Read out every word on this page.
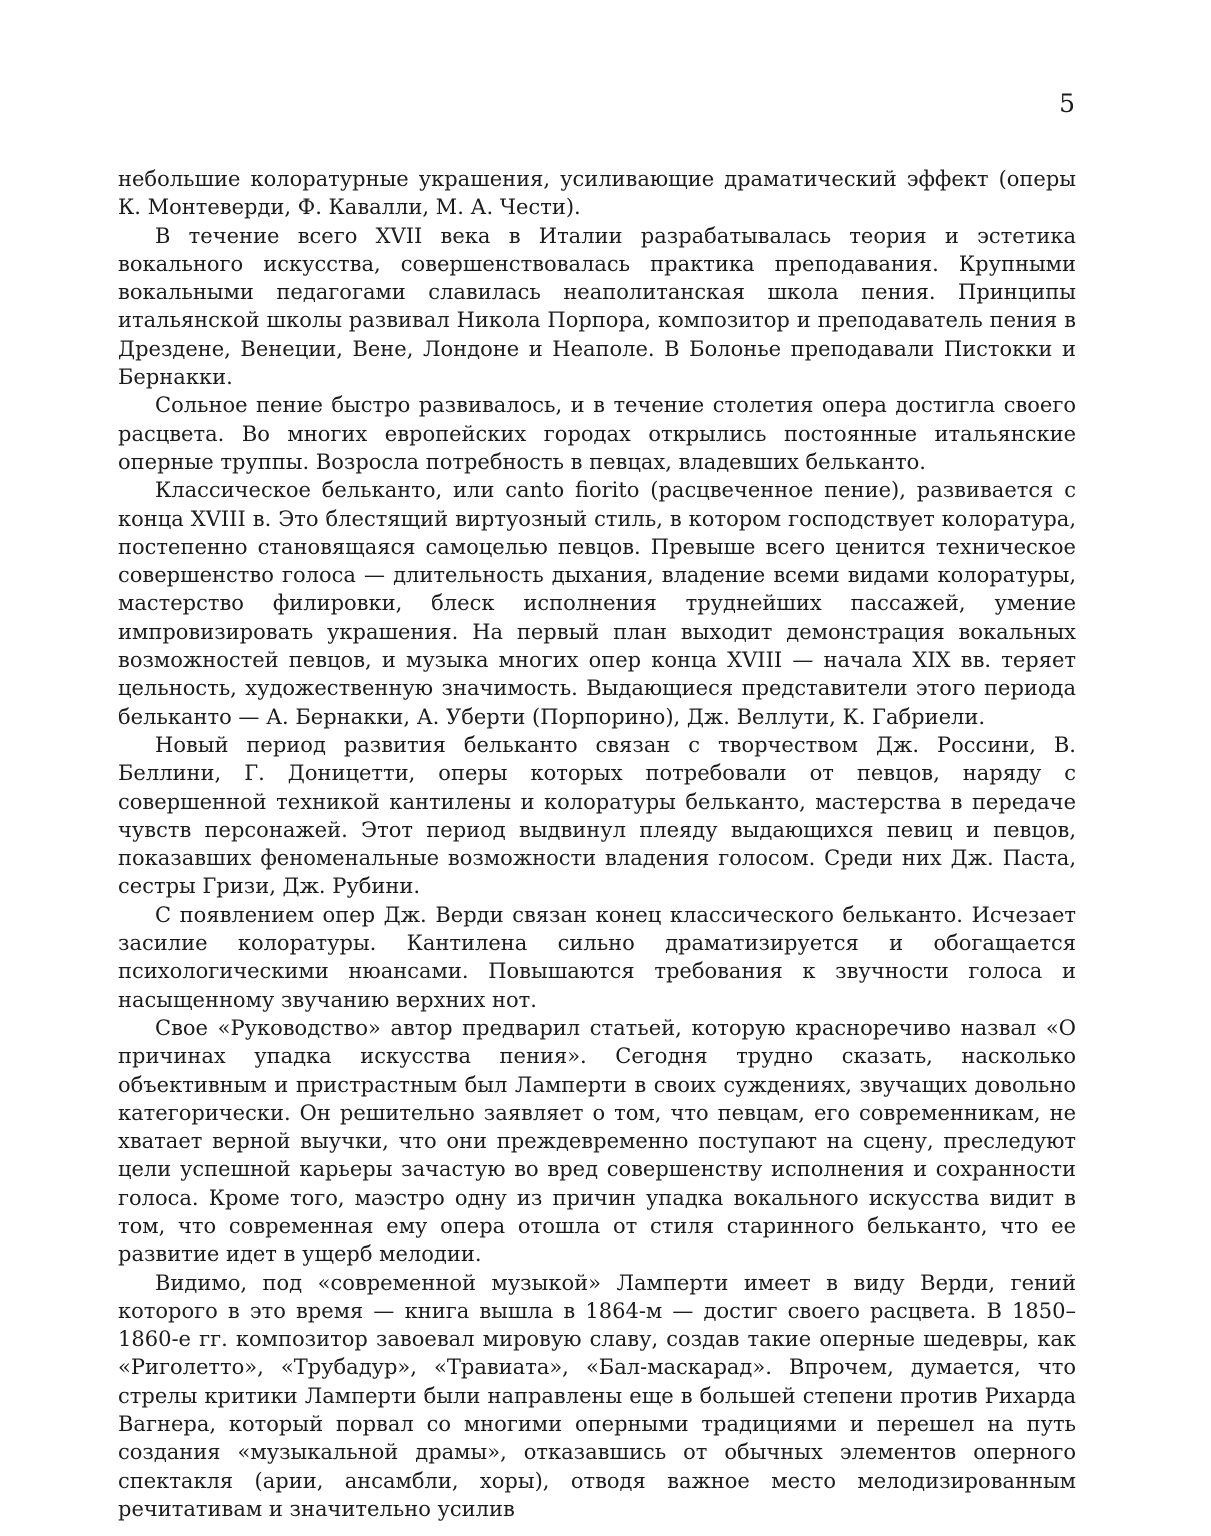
5

небольшие колоратурные украшения, усиливающие драматический эффект (оперы К. Монтеверди, Ф. Кавалли, М. А. Чести).

В течение всего XVII века в Италии разрабатывалась теория и эстетика вокального искусства, совершенствовалась практика преподавания. Крупными вокальными педагогами славилась неаполитанская школа пения. Принципы итальянской школы развивал Никола Порпора, композитор и преподаватель пения в Дрездене, Венеции, Вене, Лондоне и Неаполе. В Болонье преподавали Пистокки и Бернакки.

Сольное пение быстро развивалось, и в течение столетия опера достигла своего расцвета. Во многих европейских городах открылись постоянные итальянские оперные труппы. Возросла потребность в певцах, владевших бельканто.

Классическое бельканто, или canto fiorito (расцвеченное пение), развивается с конца XVIII в. Это блестящий виртуозный стиль, в котором господствует колоратура, постепенно становящаяся самоцелью певцов. Превыше всего ценится техническое совершенство голоса — длительность дыхания, владение всеми видами колоратуры, мастерство филировки, блеск исполнения труднейших пассажей, умение импровизировать украшения. На первый план выходит демонстрация вокальных возможностей певцов, и музыка многих опер конца XVIII — начала XIX вв. теряет цельность, художественную значимость. Выдающиеся представители этого периода бельканто — А. Бернакки, А. Уберти (Порпорино), Дж. Веллути, К. Габриели.

Новый период развития бельканто связан с творчеством Дж. Россини, В. Беллини, Г. Доницетти, оперы которых потребовали от певцов, наряду с совершенной техникой кантилены и колоратуры бельканто, мастерства в передаче чувств персонажей. Этот период выдвинул плеяду выдающихся певиц и певцов, показавших феноменальные возможности владения голосом. Среди них Дж. Паста, сестры Гризи, Дж. Рубини.

С появлением опер Дж. Верди связан конец классического бельканто. Исчезает засилие колоратуры. Кантилена сильно драматизируется и обогащается психологическими нюансами. Повышаются требования к звучности голоса и насыщенному звучанию верхних нот.

Свое «Руководство» автор предварил статьей, которую красноречиво назвал «О причинах упадка искусства пения». Сегодня трудно сказать, насколько объективным и пристрастным был Ламперти в своих суждениях, звучащих довольно категорически. Он решительно заявляет о том, что певцам, его современникам, не хватает верной выучки, что они преждевременно поступают на сцену, преследуют цели успешной карьеры зачастую во вред совершенству исполнения и сохранности голоса. Кроме того, маэстро одну из причин упадка вокального искусства видит в том, что современная ему опера отошла от стиля старинного бельканто, что ее развитие идет в ущерб мелодии.

Видимо, под «современной музыкой» Ламперти имеет в виду Верди, гений которого в это время — книга вышла в 1864-м — достиг своего расцвета. В 1850–1860-е гг. композитор завоевал мировую славу, создав такие оперные шедевры, как «Риголетто», «Трубадур», «Травиата», «Бал-маскарад». Впрочем, думается, что стрелы критики Ламперти были направлены еще в большей степени против Рихарда Вагнера, который порвал со многими оперными традициями и перешел на путь создания «музыкальной драмы», отказавшись от обычных элементов оперного спектакля (арии, ансамбли, хоры), отводя важное место мелодизированным речитативам и значительно усилив
